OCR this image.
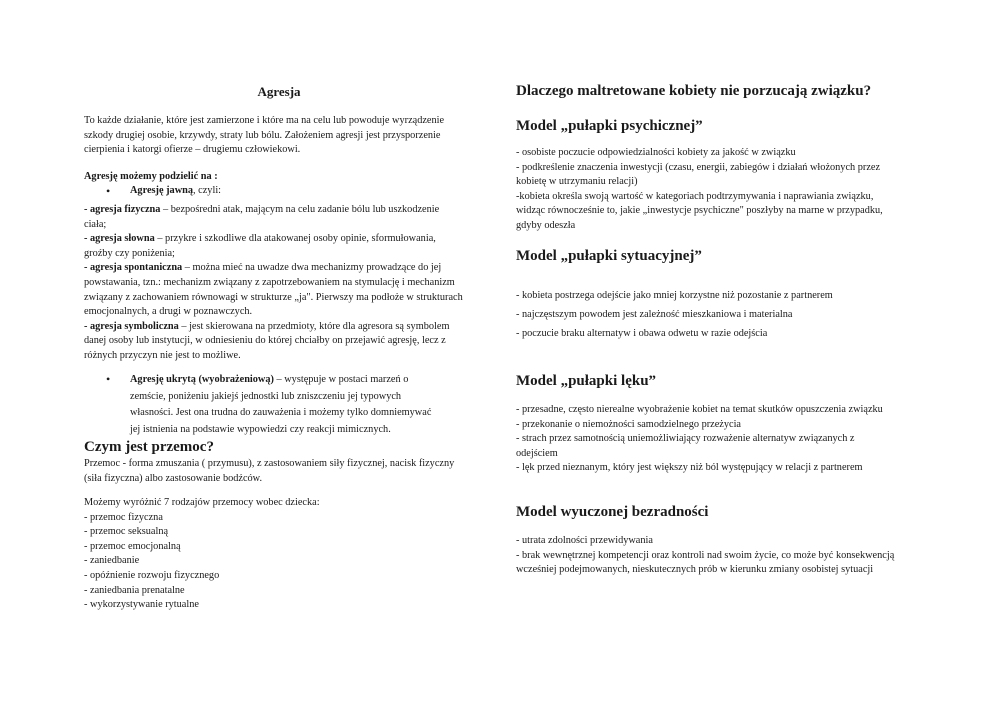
Agresja
To każde działanie, które jest zamierzone i które ma na celu lub powoduje wyrządzenie
szkody drugiej osobie, krzywdy, straty lub bólu. Założeniem agresji jest przysporzenie
cierpienia i katorgi ofierze – drugiemu człowiekowi.
Agresję możemy podzielić na :
•
Agresję jawną, czyli:
- agresja fizyczna – bezpośredni atak, mającym na celu zadanie bólu lub uszkodzenie
ciała;
- agresja słowna – przykre i szkodliwe dla atakowanej osoby opinie, sformułowania,
groźby czy poniżenia;
- agresja spontaniczna – można mieć na uwadze dwa mechanizmy prowadzące do jej
powstawania, tzn.: mechanizm związany z zapotrzebowaniem na stymulację i mechanizm
związany z zachowaniem równowagi w strukturze „ja". Pierwszy ma podłoże w strukturach
emocjonalnych, a drugi w poznawczych.
- agresja symboliczna – jest skierowana na przedmioty, które dla agresora są symbolem
danej osoby lub instytucji, w odniesieniu do której chciałby on przejawić agresję, lecz z
różnych przyczyn nie jest to możliwe.
•
Agresję ukrytą (wyobrażeniową) – występuje w postaci marzeń o
zemście, poniżeniu jakiejś jednostki lub zniszczeniu jej typowych
własności. Jest ona trudna do zauważenia i możemy tylko domniemywać
jej istnienia na podstawie wypowiedzi czy reakcji mimicznych.
Czym jest przemoc?
Przemoc - forma zmuszania ( przymusu), z zastosowaniem siły fizycznej, nacisk fizyczny
(siła fizyczna) albo zastosowanie bodźców.
Możemy wyróżnić 7 rodzajów przemocy wobec dziecka:
- przemoc fizyczna
- przemoc seksualną
- przemoc emocjonalną
- zaniedbanie
- opóźnienie rozwoju fizycznego
- zaniedbania prenatalne
- wykorzystywanie rytualne
Dlaczego maltretowane kobiety nie porzucają związku?
Model „pułapki psychicznej”
- osobiste poczucie odpowiedzialności kobiety za jakość w związku
- podkreślenie znaczenia inwestycji (czasu, energii, zabiegów i działań włożonych przez
kobietę w utrzymaniu relacji)
-kobieta określa swoją wartość w kategoriach podtrzymywania i naprawiania związku,
widząc równocześnie to, jakie „inwestycje psychiczne" poszłyby na marne w przypadku,
gdyby odeszła
Model „pułapki sytuacyjnej”
- kobieta postrzega odejście jako mniej korzystne niż pozostanie z partnerem
- najczęstszym powodem jest zależność mieszkaniowa i materialna
- poczucie braku alternatyw i obawa odwetu w razie odejścia
Model „pułapki lęku”
- przesadne, często nierealne wyobrażenie kobiet na temat skutków opuszczenia związku
- przekonanie o niemożności samodzielnego przeżycia
- strach przez samotnością uniemożliwiający rozważenie alternatyw związanych z
odejściem
- lęk przed nieznanym, który jest większy niż ból występujący w relacji z partnerem
Model wyuczonej bezradności
- utrata zdolności przewidywania
- brak wewnętrznej kompetencji oraz kontroli nad swoim życie, co może być konsekwencją
wcześniej podejmowanych, nieskutecznych prób w kierunku zmiany osobistej sytuacji
